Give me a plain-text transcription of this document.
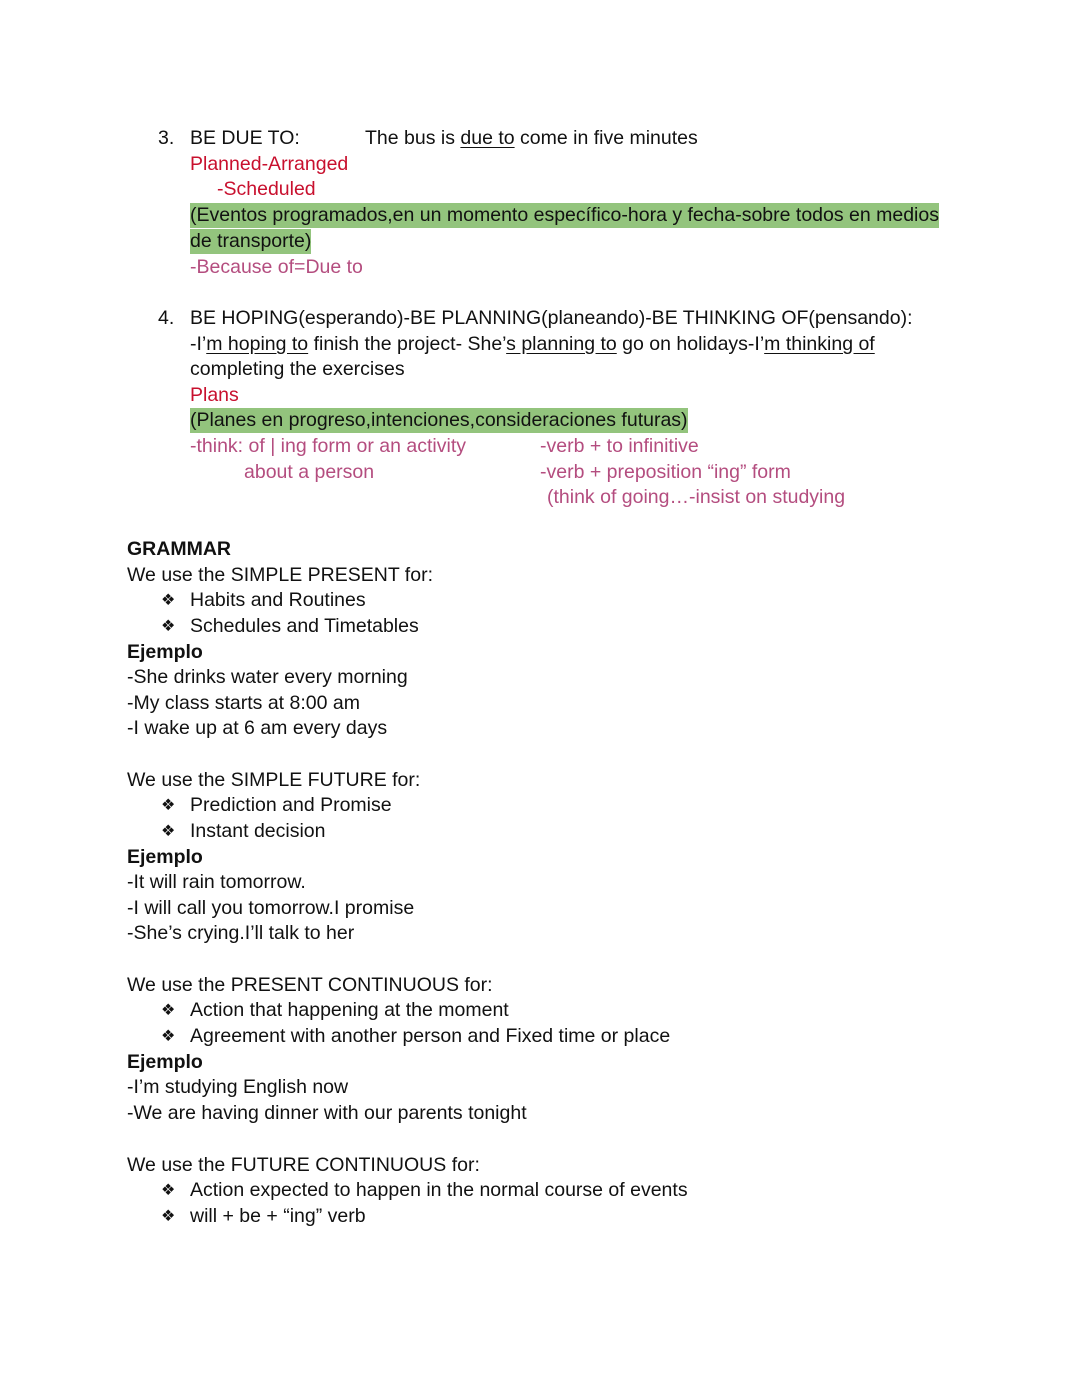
3. BE DUE TO:	The bus is due to come in five minutes
Planned-Arranged
-Scheduled
(Eventos programados,en un momento específico-hora y fecha-sobre todos en medios
de transporte)
-Because of=Due to
4. BE HOPING(esperando)-BE PLANNING(planeando)-BE THINKING OF(pensando):
-I’m hoping to finish the project- She’s planning to go on holidays-I’m thinking of
completing the exercises
Plans
(Planes en progreso,intenciones,consideraciones futuras)
-think: of | ing form or an activity
about a person
-verb + to infinitive
-verb + preposition “ing” form
(think of going…-insist on studying
GRAMMAR
We use the SIMPLE PRESENT for:
❖ Habits and Routines
❖ Schedules and Timetables
Ejemplo
-She drinks water every morning
-My class starts at 8:00 am
-I wake up at 6 am every days
We use the SIMPLE FUTURE for:
❖ Prediction and Promise
❖ Instant decision
Ejemplo
-It will rain tomorrow.
-I will call you tomorrow.I promise
-She’s crying.I’ll talk to her
We use the PRESENT CONTINUOUS for:
❖ Action that happening at the moment
❖ Agreement with another person and Fixed time or place
Ejemplo
-I’m studying English now
-We are having dinner with our parents tonight
We use the FUTURE CONTINUOUS for:
❖ Action expected to happen in the normal course of events
❖ will + be + “ing” verb
